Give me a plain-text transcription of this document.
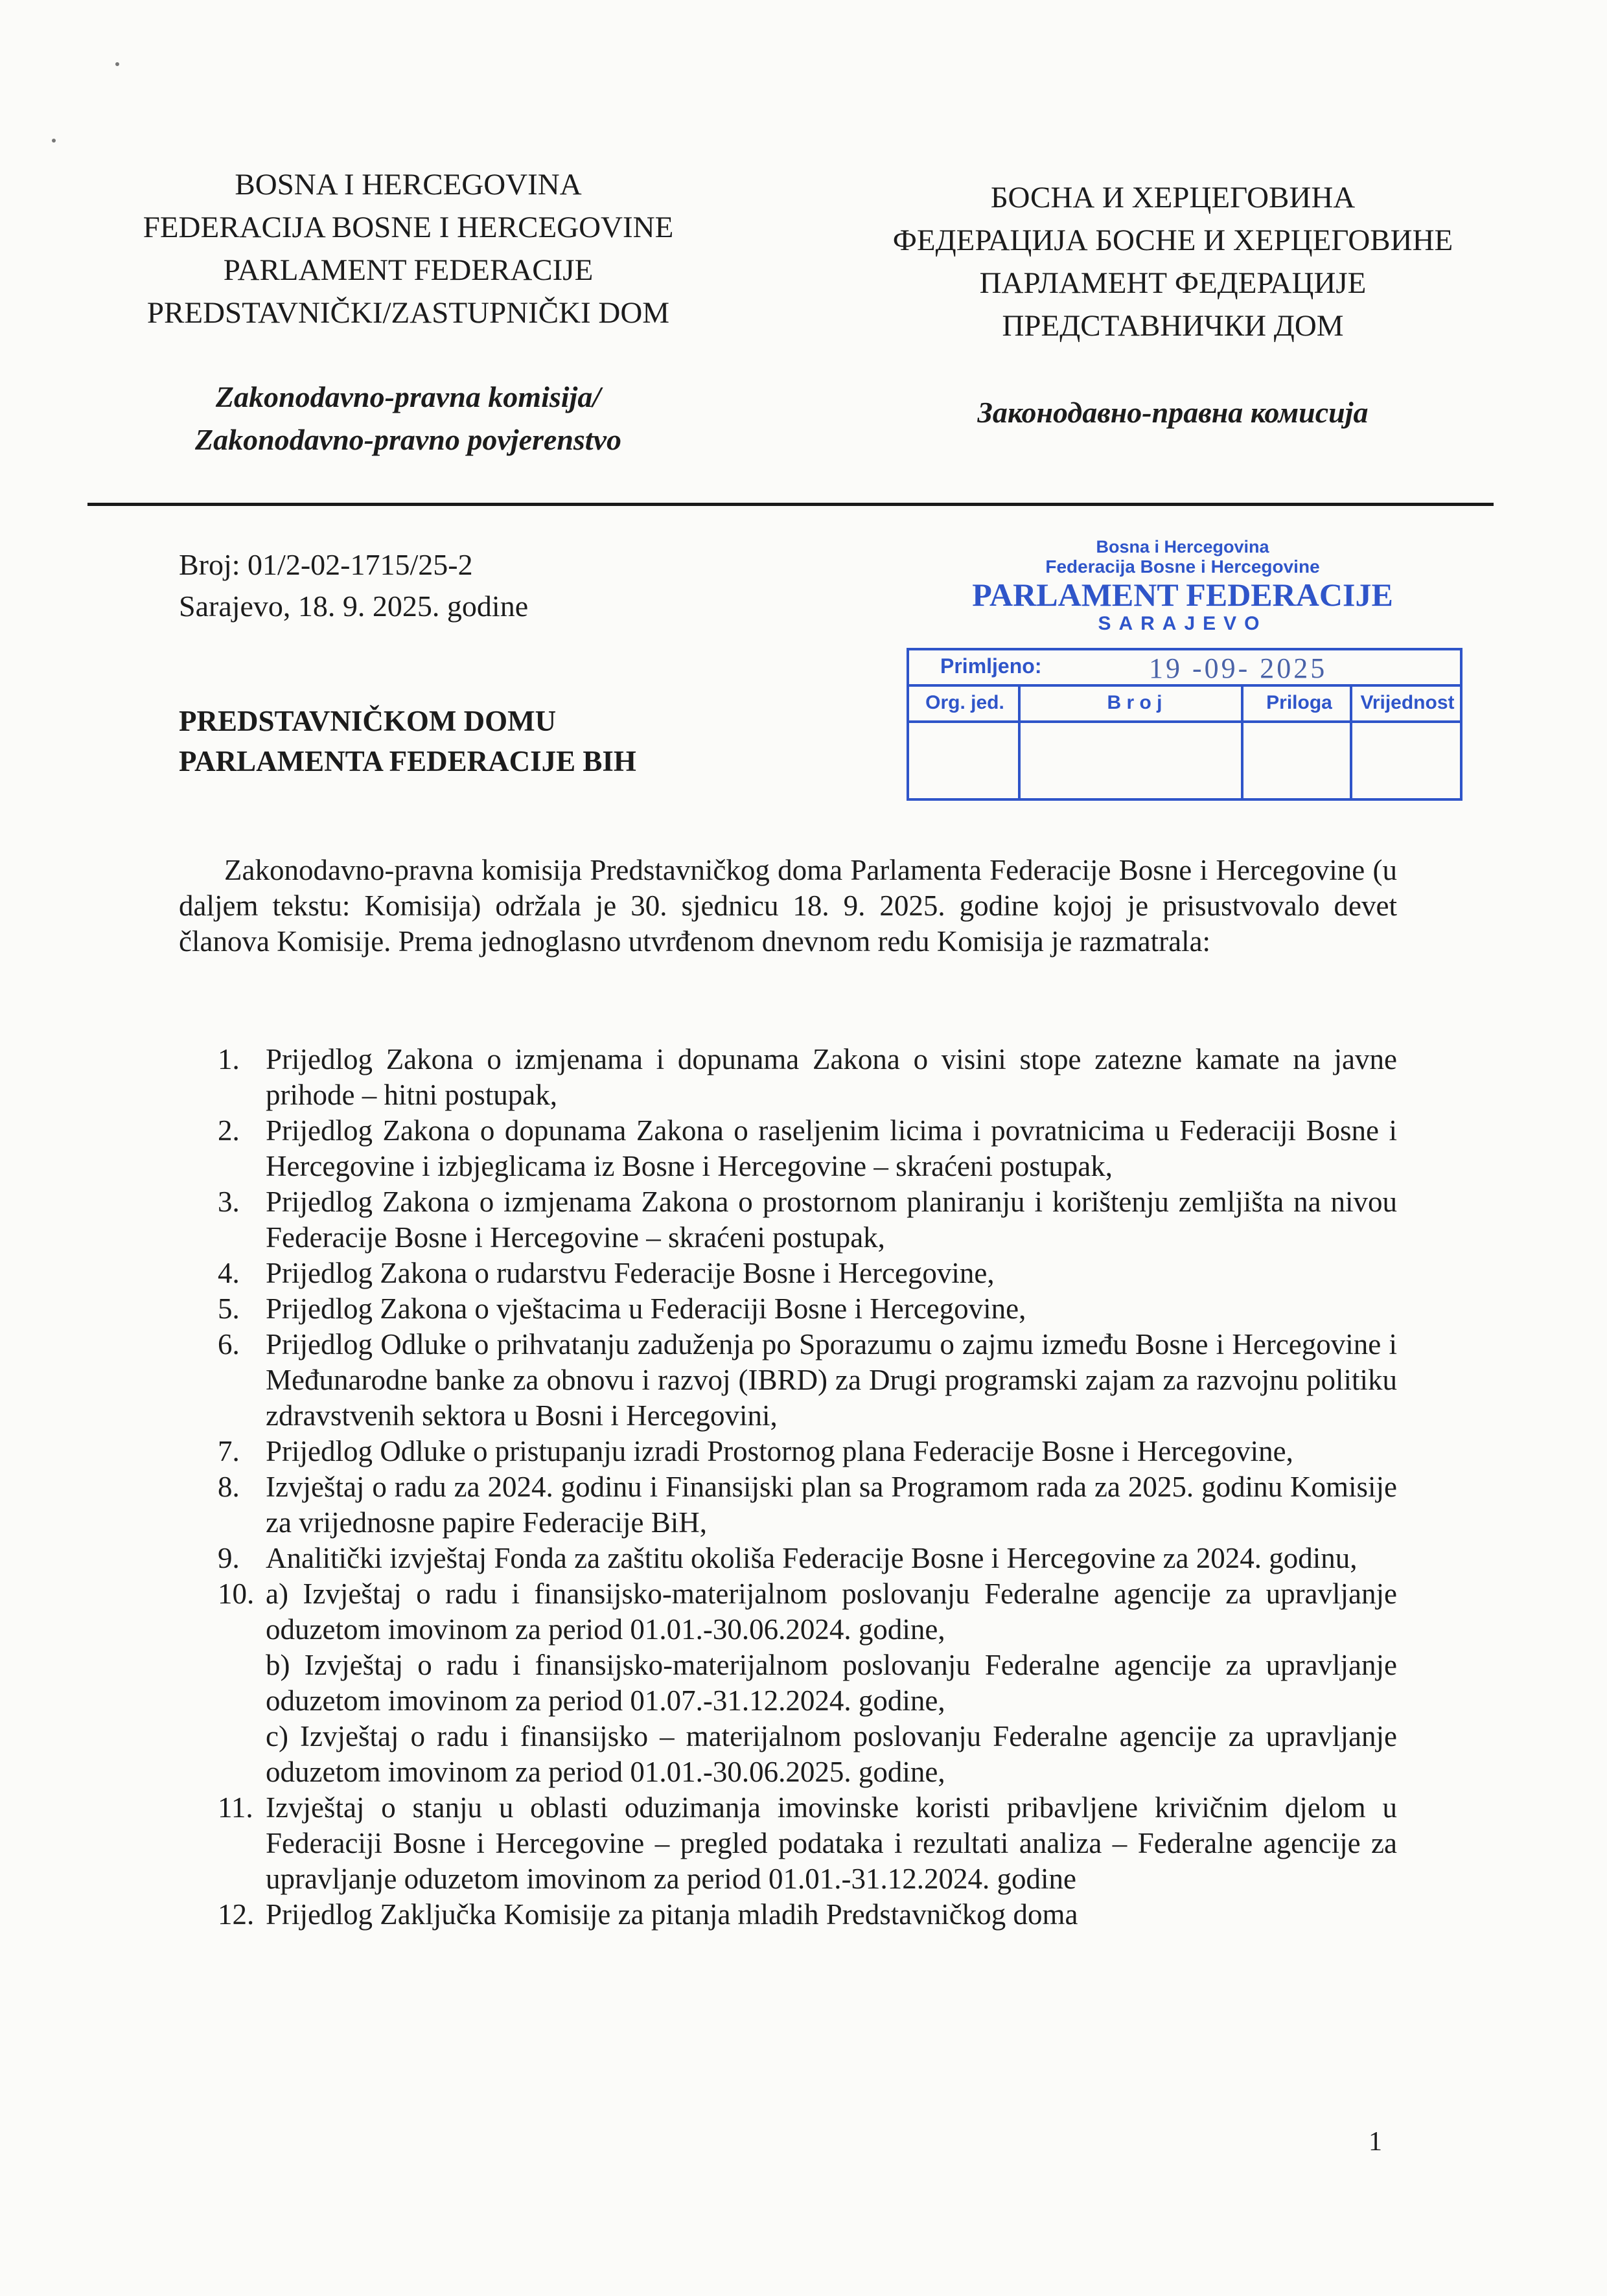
BOSNA I HERCEGOVINA
FEDERACIJA BOSNE I HERCEGOVINE
PARLAMENT FEDERACIJE
PREDSTAVNIČKI/ZASTUPNIČKI DOM
БОСНА И ХЕРЦЕГОВИНА
ФЕДЕРАЦИЈА БОСНЕ И ХЕРЦЕГОВИНЕ
ПАРЛАМЕНТ ФЕДЕРАЦИЈЕ
ПРЕДСТАВНИЧКИ ДОМ
Zakonodavno-pravna komisija/
Zakonodavno-pravno povjerenstvo
Законодавно-правна комисија
Broj: 01/2-02-1715/25-2
Sarajevo, 18. 9. 2025. godine
PREDSTAVNIČKOM DOMU
PARLAMENTA FEDERACIJE BIH
Bosna i Hercegovina
Federacija Bosne i Hercegovine
PARLAMENT FEDERACIJE
SARAJEVO
Primljeno:	19 -09- 2025
Org. jed.	B r o j	Priloga	Vrijednost
Zakonodavno-pravna komisija Predstavničkog doma Parlamenta Federacije Bosne i Hercegovine (u daljem tekstu: Komisija) održala je 30. sjednicu 18. 9. 2025. godine kojoj je prisustvovalo devet članova Komisije. Prema jednoglasno utvrđenom dnevnom redu Komisija je razmatrala:
1. Prijedlog Zakona o izmjenama i dopunama Zakona o visini stope zatezne kamate na javne prihode – hitni postupak,
2. Prijedlog Zakona o dopunama Zakona o raseljenim licima i povratnicima u Federaciji Bosne i Hercegovine i izbjeglicama iz Bosne i Hercegovine – skraćeni postupak,
3. Prijedlog Zakona o izmjenama Zakona o prostornom planiranju i korištenju zemljišta na nivou Federacije Bosne i Hercegovine – skraćeni postupak,
4. Prijedlog Zakona o rudarstvu Federacije Bosne i Hercegovine,
5. Prijedlog Zakona o vještacima u Federaciji Bosne i Hercegovine,
6. Prijedlog Odluke o prihvatanju zaduženja po Sporazumu o zajmu između Bosne i Hercegovine i Međunarodne banke za obnovu i razvoj (IBRD) za Drugi programski zajam za razvojnu politiku zdravstvenih sektora u Bosni i Hercegovini,
7. Prijedlog Odluke o pristupanju izradi Prostornog plana Federacije Bosne i Hercegovine,
8. Izvještaj o radu za 2024. godinu i Finansijski plan sa Programom rada za 2025. godinu Komisije za vrijednosne papire Federacije BiH,
9. Analitički izvještaj Fonda za zaštitu okoliša Federacije Bosne i Hercegovine za 2024. godinu,
10. a) Izvještaj o radu i finansijsko-materijalnom poslovanju Federalne agencije za upravljanje oduzetom imovinom za period 01.01.-30.06.2024. godine,
b) Izvještaj o radu i finansijsko-materijalnom poslovanju Federalne agencije za upravljanje oduzetom imovinom za period 01.07.-31.12.2024. godine,
c) Izvještaj o radu i finansijsko – materijalnom poslovanju Federalne agencije za upravljanje oduzetom imovinom za period 01.01.-30.06.2025. godine,
11. Izvještaj o stanju u oblasti oduzimanja imovinske koristi pribavljene krivičnim djelom u Federaciji Bosne i Hercegovine – pregled podataka i rezultati analiza – Federalne agencije za upravljanje oduzetom imovinom za period 01.01.-31.12.2024. godine
12. Prijedlog Zaključka Komisije za pitanja mladih Predstavničkog doma
1
